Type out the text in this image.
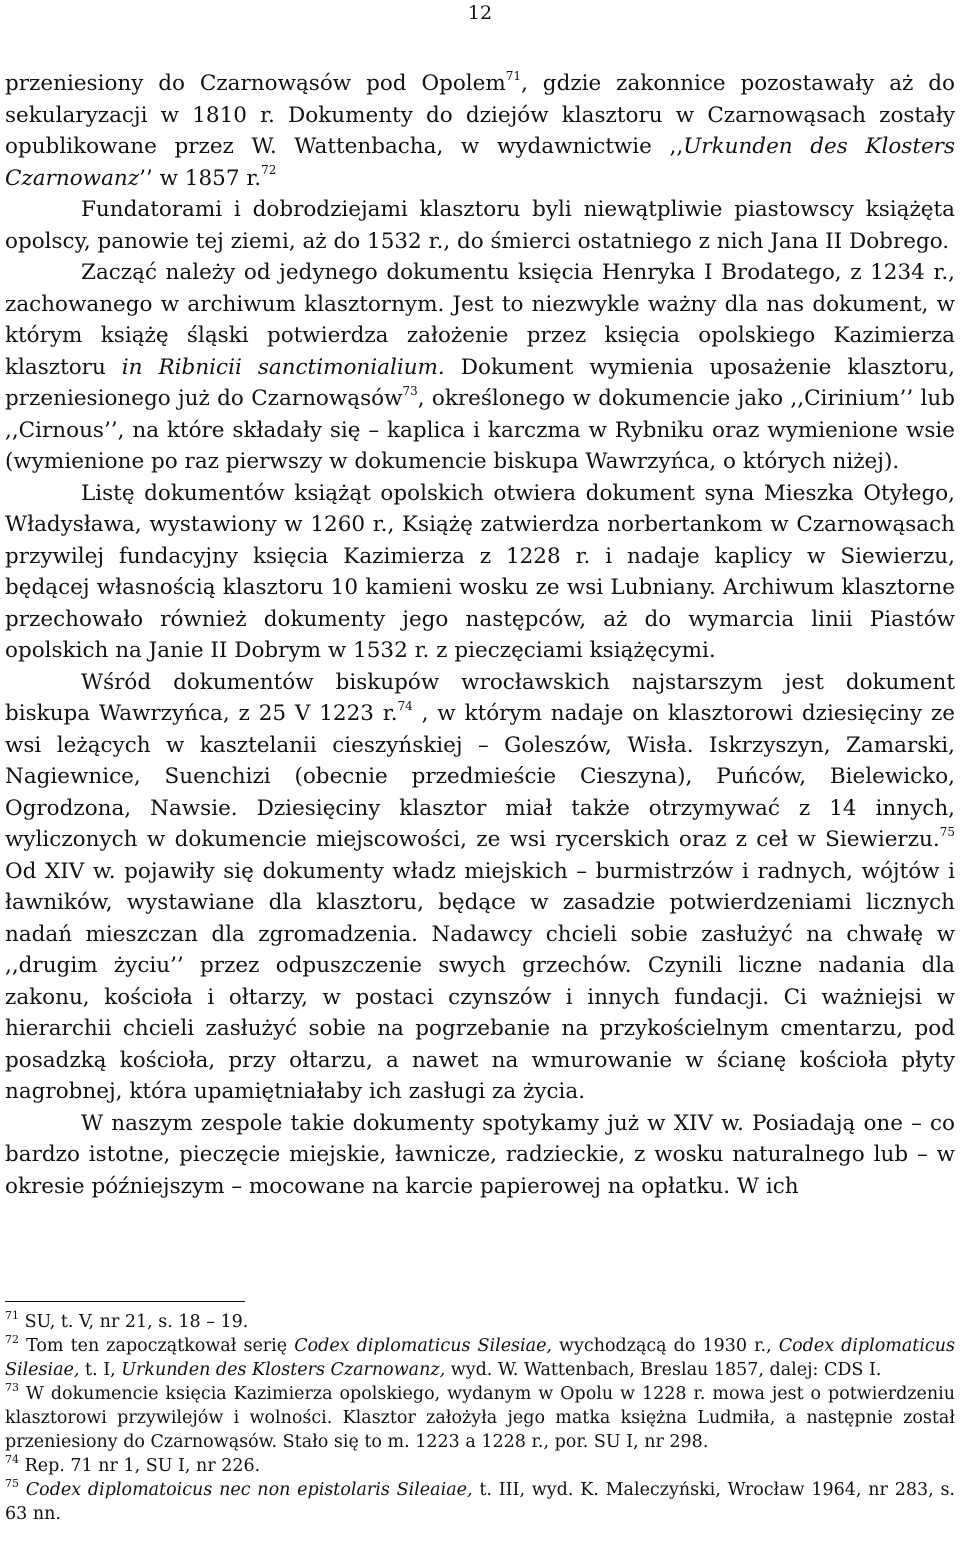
12

przeniesiony do Czarnowąsów pod Opolem$^{71}$, gdzie zakonnice pozostawały aż do sekularyzacji w 1810 r. Dokumenty do dziejów klasztoru w Czarnowąsach zostały opublikowane przez W. Wattenbacha, w wydawnictwie ,,Urkunden des Klosters Czarnowanz’’ w 1857 r.$^{72}$

Fundatorami i dobrodziejami klasztoru byli niewątpliwie piastowscy książęta opolscy, panowie tej ziemi, aż do 1532 r., do śmierci ostatniego z nich Jana II Dobrego.

Zacząć należy od jedynego dokumentu księcia Henryka I Brodatego, z 1234 r., zachowanego w archiwum klasztornym. Jest to niezwykle ważny dla nas dokument, w którym książę śląski potwierdza założenie przez księcia opolskiego Kazimierza klasztoru in Ribnicii sanctimonialium. Dokument wymienia uposażenie klasztoru, przeniesionego już do Czarnowąsów$^{73}$, określonego w dokumencie jako ,,Cirinium’’ lub ,,Cirnous’’, na które składały się – kaplica i karczma w Rybniku oraz wymienione wsie (wymienione po raz pierwszy w dokumencie biskupa Wawrzyńca, o których niżej).

Listę dokumentów książąt opolskich otwiera dokument syna Mieszka Otyłego, Władysława, wystawiony w 1260 r., Książę zatwierdza norbertankom w Czarnowąsach przywilej fundacyjny księcia Kazimierza z 1228 r. i nadaje kaplicy w Siewierzu, będącej własnością klasztoru 10 kamieni wosku ze wsi Lubniany. Archiwum klasztorne przechowało również dokumenty jego następców, aż do wymarcia linii Piastów opolskich na Janie II Dobrym w 1532 r. z pieczęciami książęcymi.

Wśród dokumentów biskupów wrocławskich najstarszym jest dokument biskupa Wawrzyńca, z 25 V 1223 r.$^{74}$ , w którym nadaje on klasztorowi dziesięciny ze wsi leżących w kasztelanii cieszyńskiej – Goleszów, Wisła. Iskrzyszyn, Zamarski, Nagiewnice, Suenchizi (obecnie przedmieście Cieszyna), Puńców, Bielewicko, Ogrodzona, Nawsie. Dziesięciny klasztor miał także otrzymywać z 14 innych, wyliczonych w dokumencie miejscowości, ze wsi rycerskich oraz z ceł w Siewierzu.$^{75}$ Od XIV w. pojawiły się dokumenty władz miejskich – burmistrzów i radnych, wójtów i ławników, wystawiane dla klasztoru, będące w zasadzie potwierdzeniami licznych nadań mieszczan dla zgromadzenia. Nadawcy chcieli sobie zasłużyć na chwałę w ,,drugim życiu’’ przez odpuszczenie swych grzechów. Czynili liczne nadania dla zakonu, kościoła i ołtarzy, w postaci czynszów i innych fundacji. Ci ważniejsi w hierarchii chcieli zasłużyć sobie na pogrzebanie na przykościelnym cmentarzu, pod posadzką kościoła, przy ołtarzu, a nawet na wmurowanie w ścianę kościoła płyty nagrobnej, która upamiętniałaby ich zasługi za życia.

W naszym zespole takie dokumenty spotykamy już w XIV w. Posiadają one – co bardzo istotne, pieczęcie miejskie, ławnicze, radzieckie, z wosku naturalnego lub – w okresie późniejszym – mocowane na karcie papierowej na opłatku. W ich

$^{71}$ SU, t. V, nr 21, s. 18 – 19.

$^{72}$ Tom ten zapoczątkował serię Codex diplomaticus Silesiae, wychodzącą do 1930 r., Codex diplomaticus Silesiae, t. I, Urkunden des Klosters Czarnowanz, wyd. W. Wattenbach, Breslau 1857, dalej: CDS I.

$^{73}$ W dokumencie księcia Kazimierza opolskiego, wydanym w Opolu w 1228 r. mowa jest o potwierdzeniu klasztorowi przywilejów i wolności. Klasztor założyła jego matka księżna Ludmiła, a następnie został przeniesiony do Czarnowąsów. Stało się to m. 1223 a 1228 r., por. SU I, nr 298.

$^{74}$ Rep. 71 nr 1, SU I, nr 226.

$^{75}$ Codex diplomatoicus nec non epistolaris Sileaiae, t. III, wyd. K. Maleczyński, Wrocław 1964, nr 283, s. 63 nn.
